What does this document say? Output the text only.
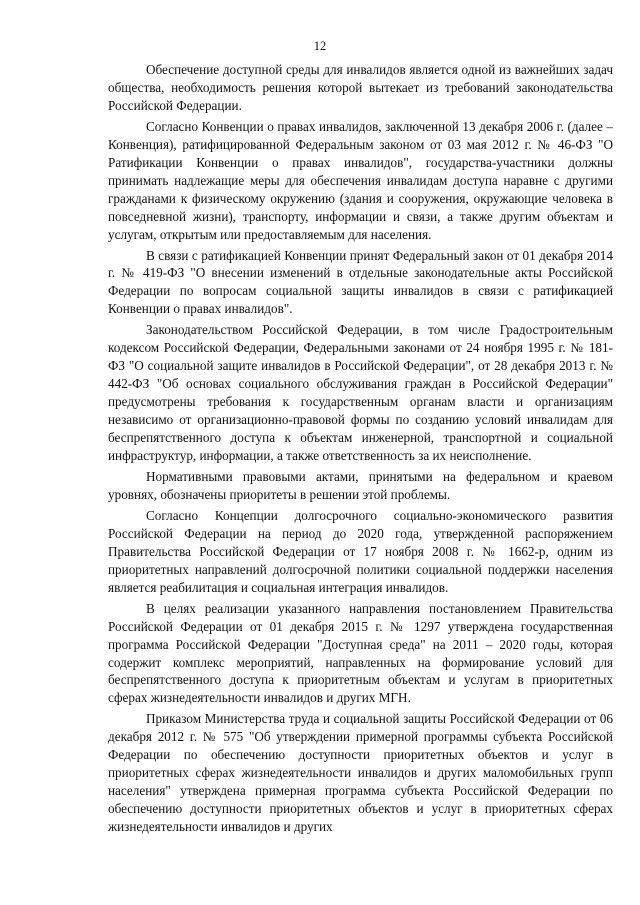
12

Обеспечение доступной среды для инвалидов является одной из важнейших задач общества, необходимость решения которой вытекает из требований законодательства Российской Федерации.

Согласно Конвенции о правах инвалидов, заключенной 13 декабря 2006 г. (далее – Конвенция), ратифицированной Федеральным законом от 03 мая 2012 г. № 46-ФЗ "О Ратификации Конвенции о правах инвалидов", государства-участники должны принимать надлежащие меры для обеспечения инвалидам доступа наравне с другими гражданами к физическому окружению (здания и сооружения, окружающие человека в повседневной жизни), транспорту, информации и связи, а также другим объектам и услугам, открытым или предоставляемым для населения.

В связи с ратификацией Конвенции принят Федеральный закон от 01 декабря 2014 г. № 419-ФЗ "О внесении изменений в отдельные законодательные акты Российской Федерации по вопросам социальной защиты инвалидов в связи с ратификацией Конвенции о правах инвалидов".

Законодательством Российской Федерации, в том числе Градостроительным кодексом Российской Федерации, Федеральными законами от 24 ноября 1995 г. № 181-ФЗ "О социальной защите инвалидов в Российской Федерации", от 28 декабря 2013 г. № 442-ФЗ "Об основах социального обслуживания граждан в Российской Федерации" предусмотрены требования к государственным органам власти и организациям независимо от организационно-правовой формы по созданию условий инвалидам для беспрепятственного доступа к объектам инженерной, транспортной и социальной инфраструктур, информации, а также ответственность за их неисполнение.

Нормативными правовыми актами, принятыми на федеральном и краевом уровнях, обозначены приоритеты в решении этой проблемы.

Согласно Концепции долгосрочного социально-экономического развития Российской Федерации на период до 2020 года, утвержденной распоряжением Правительства Российской Федерации от 17 ноября 2008 г. № 1662-р, одним из приоритетных направлений долгосрочной политики социальной поддержки населения является реабилитация и социальная интеграция инвалидов.

В целях реализации указанного направления постановлением Правительства Российской Федерации от 01 декабря 2015 г. № 1297 утверждена государственная программа Российской Федерации "Доступная среда" на 2011 – 2020 годы, которая содержит комплекс мероприятий, направленных на формирование условий для беспрепятственного доступа к приоритетным объектам и услугам в приоритетных сферах жизнедеятельности инвалидов и других МГН.

Приказом Министерства труда и социальной защиты Российской Федерации от 06 декабря 2012 г. № 575 "Об утверждении примерной программы субъекта Российской Федерации по обеспечению доступности приоритетных объектов и услуг в приоритетных сферах жизнедеятельности инвалидов и других маломобильных групп населения" утверждена примерная программа субъекта Российской Федерации по обеспечению доступности приоритетных объектов и услуг в приоритетных сферах жизнедеятельности инвалидов и других
